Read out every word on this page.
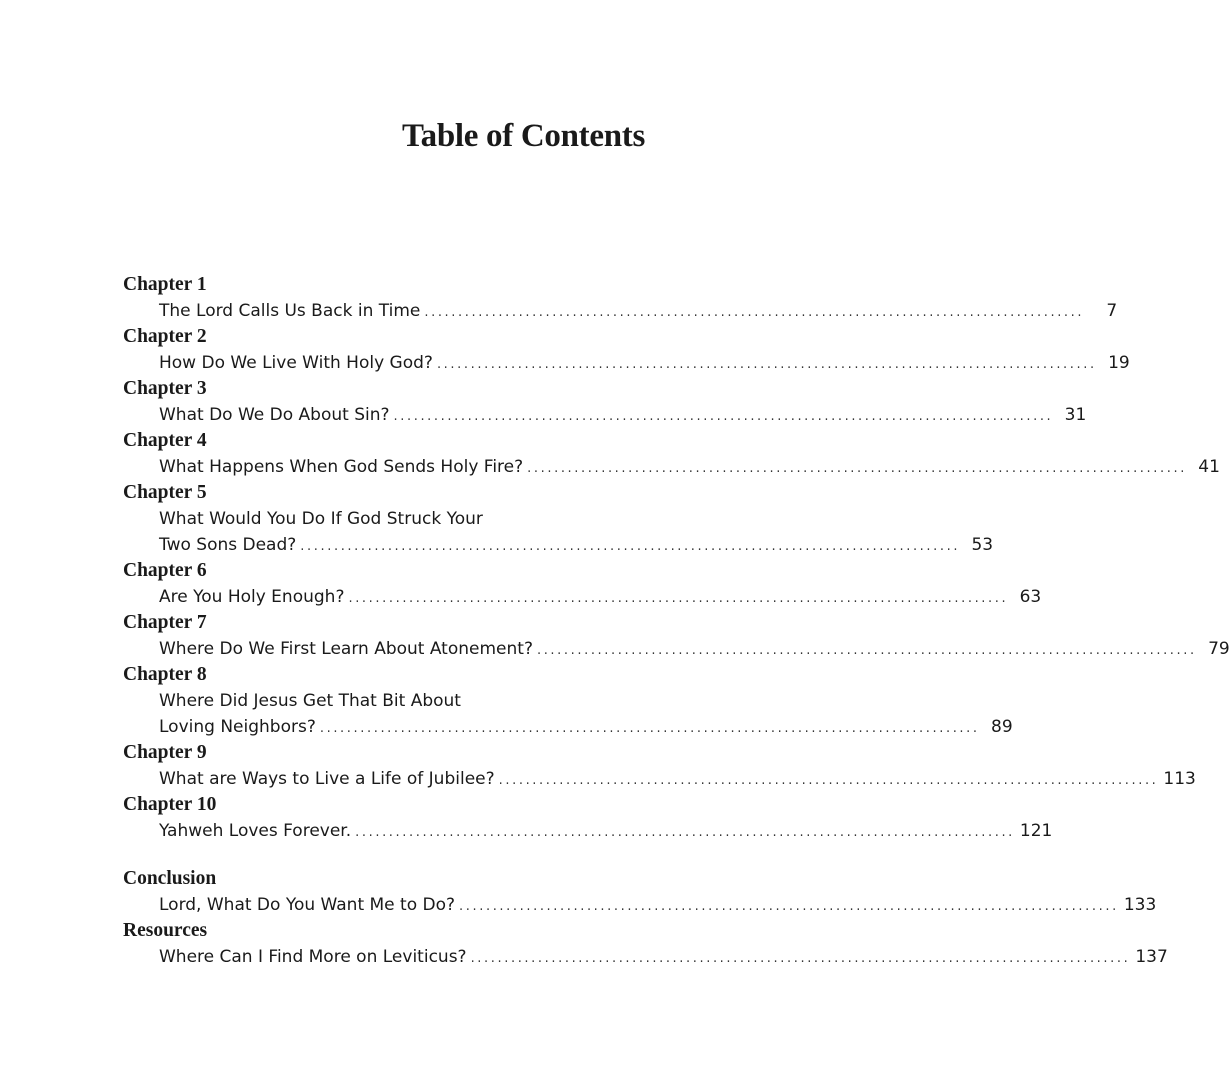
Table of Contents
Chapter 1
The Lord Calls Us Back in Time ..................................................................................................	7
Chapter 2
How Do We Live With Holy God? .................................................................................................. 19
Chapter 3
What Do We Do About Sin? .................................................................................................. 31
Chapter 4
What Happens When God Sends Holy Fire? .................................................................................................. 41
Chapter 5
What Would You Do If God Struck Your
Two Sons Dead? .................................................................................................. 53
Chapter 6
Are You Holy Enough? .................................................................................................. 63
Chapter 7
Where Do We First Learn About Atonement? .................................................................................................. 79
Chapter 8
Where Did Jesus Get That Bit About
Loving Neighbors? .................................................................................................. 89
Chapter 9
What are Ways to Live a Life of Jubilee? .................................................................................................. 113
Chapter 10
Yahweh Loves Forever. .................................................................................................. 121
Conclusion
Lord, What Do You Want Me to Do? .................................................................................................. 133
Resources
Where Can I Find More on Leviticus? .................................................................................................. 137
